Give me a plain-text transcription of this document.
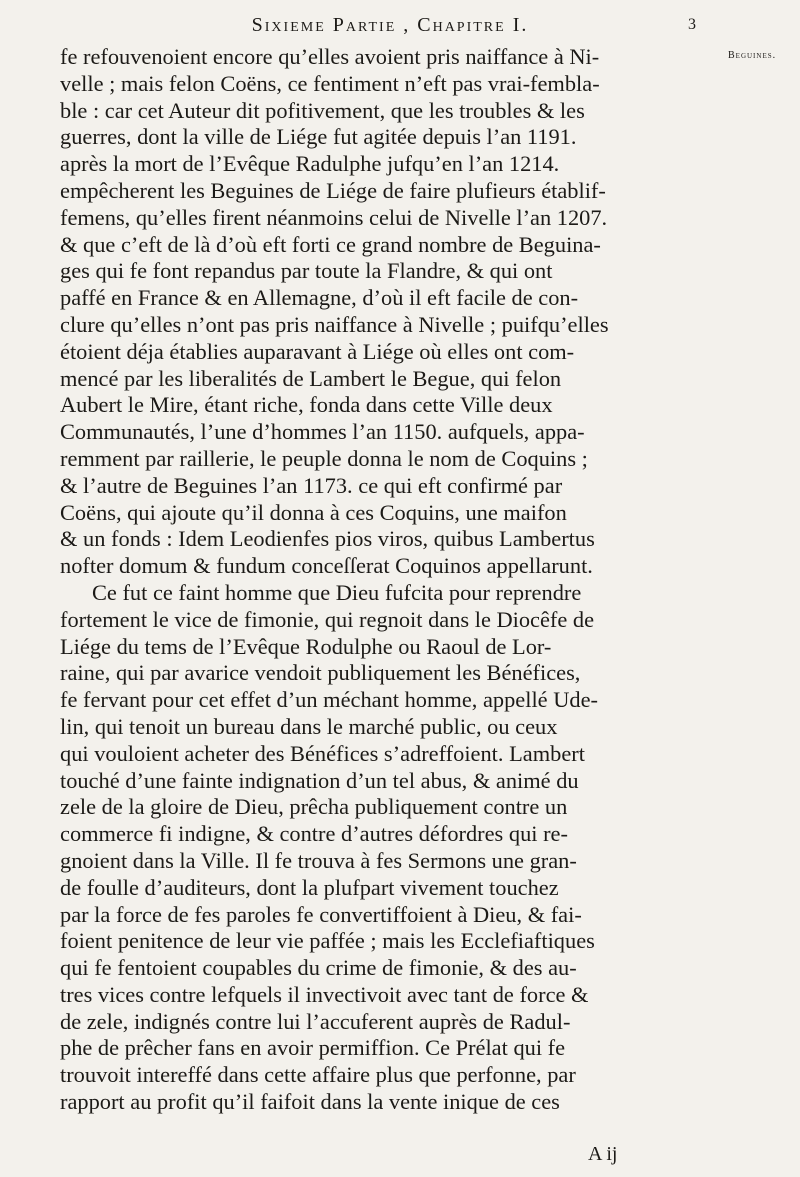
Sixieme Partie , Chapitre I.	3
Beguines.
fe refouvenoient encore qu’elles avoient pris naiffance à Ni-
velle ; mais felon Coëns, ce fentiment n’eft pas vrai-fembla-
ble : car cet Auteur dit pofitivement, que les troubles & les
guerres, dont la ville de Liége fut agitée depuis l’an 1191.
après la mort de l’Evêque Radulphe jufqu’en l’an 1214.
empêcherent les Beguines de Liége de faire plufieurs établif-
femens, qu’elles firent néanmoins celui de Nivelle l’an 1207.
& que c’eft de là d’où eft forti ce grand nombre de Beguina-
ges qui fe font repandus par toute la Flandre, & qui ont
paffé en France & en Allemagne, d’où il eft facile de con-
clure qu’elles n’ont pas pris naiffance à Nivelle ; puifqu’elles
étoient déja établies auparavant à Liége où elles ont com-
mencé par les liberalités de Lambert le Begue, qui felon
Aubert le Mire, étant riche, fonda dans cette Ville deux
Communautés, l’une d’hommes l’an 1150. aufquels, appa-
remment par raillerie, le peuple donna le nom de Coquins ;
& l’autre de Beguines l’an 1173. ce qui eft confirmé par
Coëns, qui ajoute qu’il donna à ces Coquins, une maifon
& un fonds : Idem Leodienfes pios viros, quibus Lambertus
nofter domum & fundum conceſſerat Coquinos appellarunt.
Ce fut ce faint homme que Dieu fufcita pour reprendre
fortement le vice de fimonie, qui regnoit dans le Diocêfe de
Liége du tems de l’Evêque Rodulphe ou Raoul de Lor-
raine, qui par avarice vendoit publiquement les Bénéfices,
fe fervant pour cet effet d’un méchant homme, appellé Ude-
lin, qui tenoit un bureau dans le marché public, ou ceux
qui vouloient acheter des Bénéfices s’adreffoient. Lambert
touché d’une fainte indignation d’un tel abus, & animé du
zele de la gloire de Dieu, prêcha publiquement contre un
commerce fi indigne, & contre d’autres défordres qui re-
gnoient dans la Ville. Il fe trouva à fes Sermons une gran-
de foulle d’auditeurs, dont la plufpart vivement touchez
par la force de fes paroles fe convertiffoient à Dieu, & fai-
foient penitence de leur vie paffée ; mais les Ecclefiaftiques
qui fe fentoient coupables du crime de fimonie, & des au-
tres vices contre lefquels il invectivoit avec tant de force &
de zele, indignés contre lui l’accuferent auprès de Radul-
phe de prêcher fans en avoir permiffion. Ce Prélat qui fe
trouvoit intereffé dans cette affaire plus que perfonne, par
rapport au profit qu’il faifoit dans la vente inique de ces
A ij
